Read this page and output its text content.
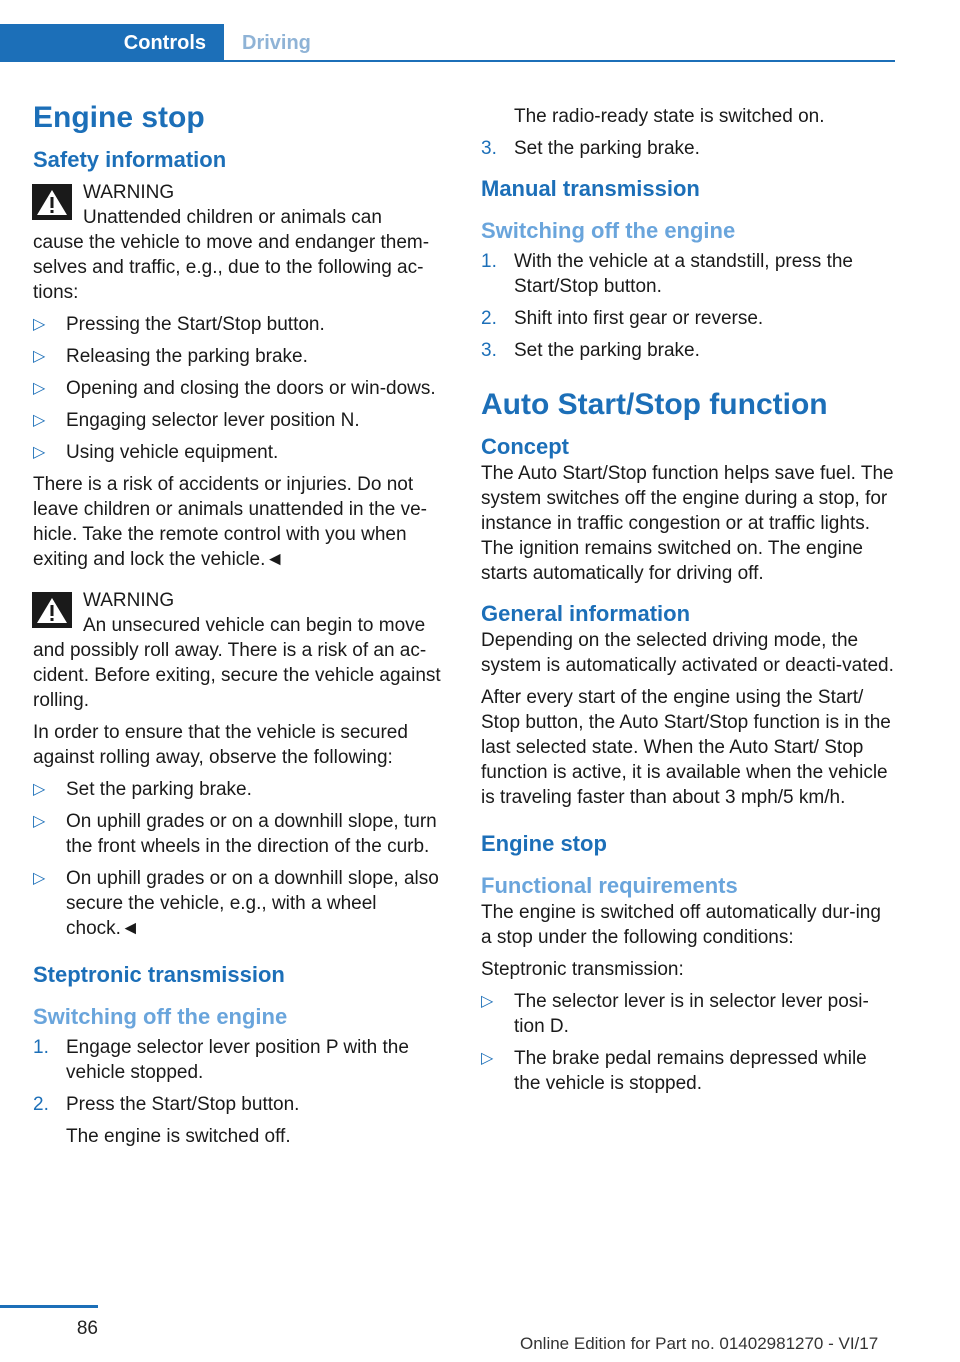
Controls	Driving
Engine stop
Safety information

WARNING

Unattended children or animals can

cause the vehicle to move and endanger them-selves and traffic, e.g., due to the following ac-tions:

▷ Pressing the Start/Stop button.
▷ Releasing the parking brake.
▷ Opening and closing the doors or win-dows.
▷ Engaging selector lever position N.
▷ Using vehicle equipment.

There is a risk of accidents or injuries. Do not leave children or animals unattended in the ve-hicle. Take the remote control with you when exiting and lock the vehicle.◄

WARNING

An unsecured vehicle can begin to move

and possibly roll away. There is a risk of an ac-cident. Before exiting, secure the vehicle against rolling.

In order to ensure that the vehicle is secured against rolling away, observe the following:

▷ Set the parking brake.
▷ On uphill grades or on a downhill slope, turn the front wheels in the direction of the curb.
▷ On uphill grades or on a downhill slope, also secure the vehicle, e.g., with a wheel chock.◄
Steptronic transmission
Switching off the engine
1. Engage selector lever position P with the vehicle stopped.
2. Press the Start/Stop button.
The engine is switched off.
The radio-ready state is switched on.
3. Set the parking brake.
Manual transmission
Switching off the engine
1. With the vehicle at a standstill, press the Start/Stop button.
2. Shift into first gear or reverse.
3. Set the parking brake.
Auto Start/Stop function
Concept

The Auto Start/Stop function helps save fuel. The system switches off the engine during a stop, for instance in traffic congestion or at traffic lights. The ignition remains switched on. The engine starts automatically for driving off.

General information

Depending on the selected driving mode, the system is automatically activated or deacti-vated.

After every start of the engine using the Start/ Stop button, the Auto Start/Stop function is in the last selected state. When the Auto Start/ Stop function is active, it is available when the vehicle is traveling faster than about 3 mph/5 km/h.

Engine stop
Functional requirements

The engine is switched off automatically dur-ing a stop under the following conditions:

Steptronic transmission:

▷ The selector lever is in selector lever posi-tion D.
▷ The brake pedal remains depressed while the vehicle is stopped.
86
Online Edition for Part no. 01402981270 - VI/17
